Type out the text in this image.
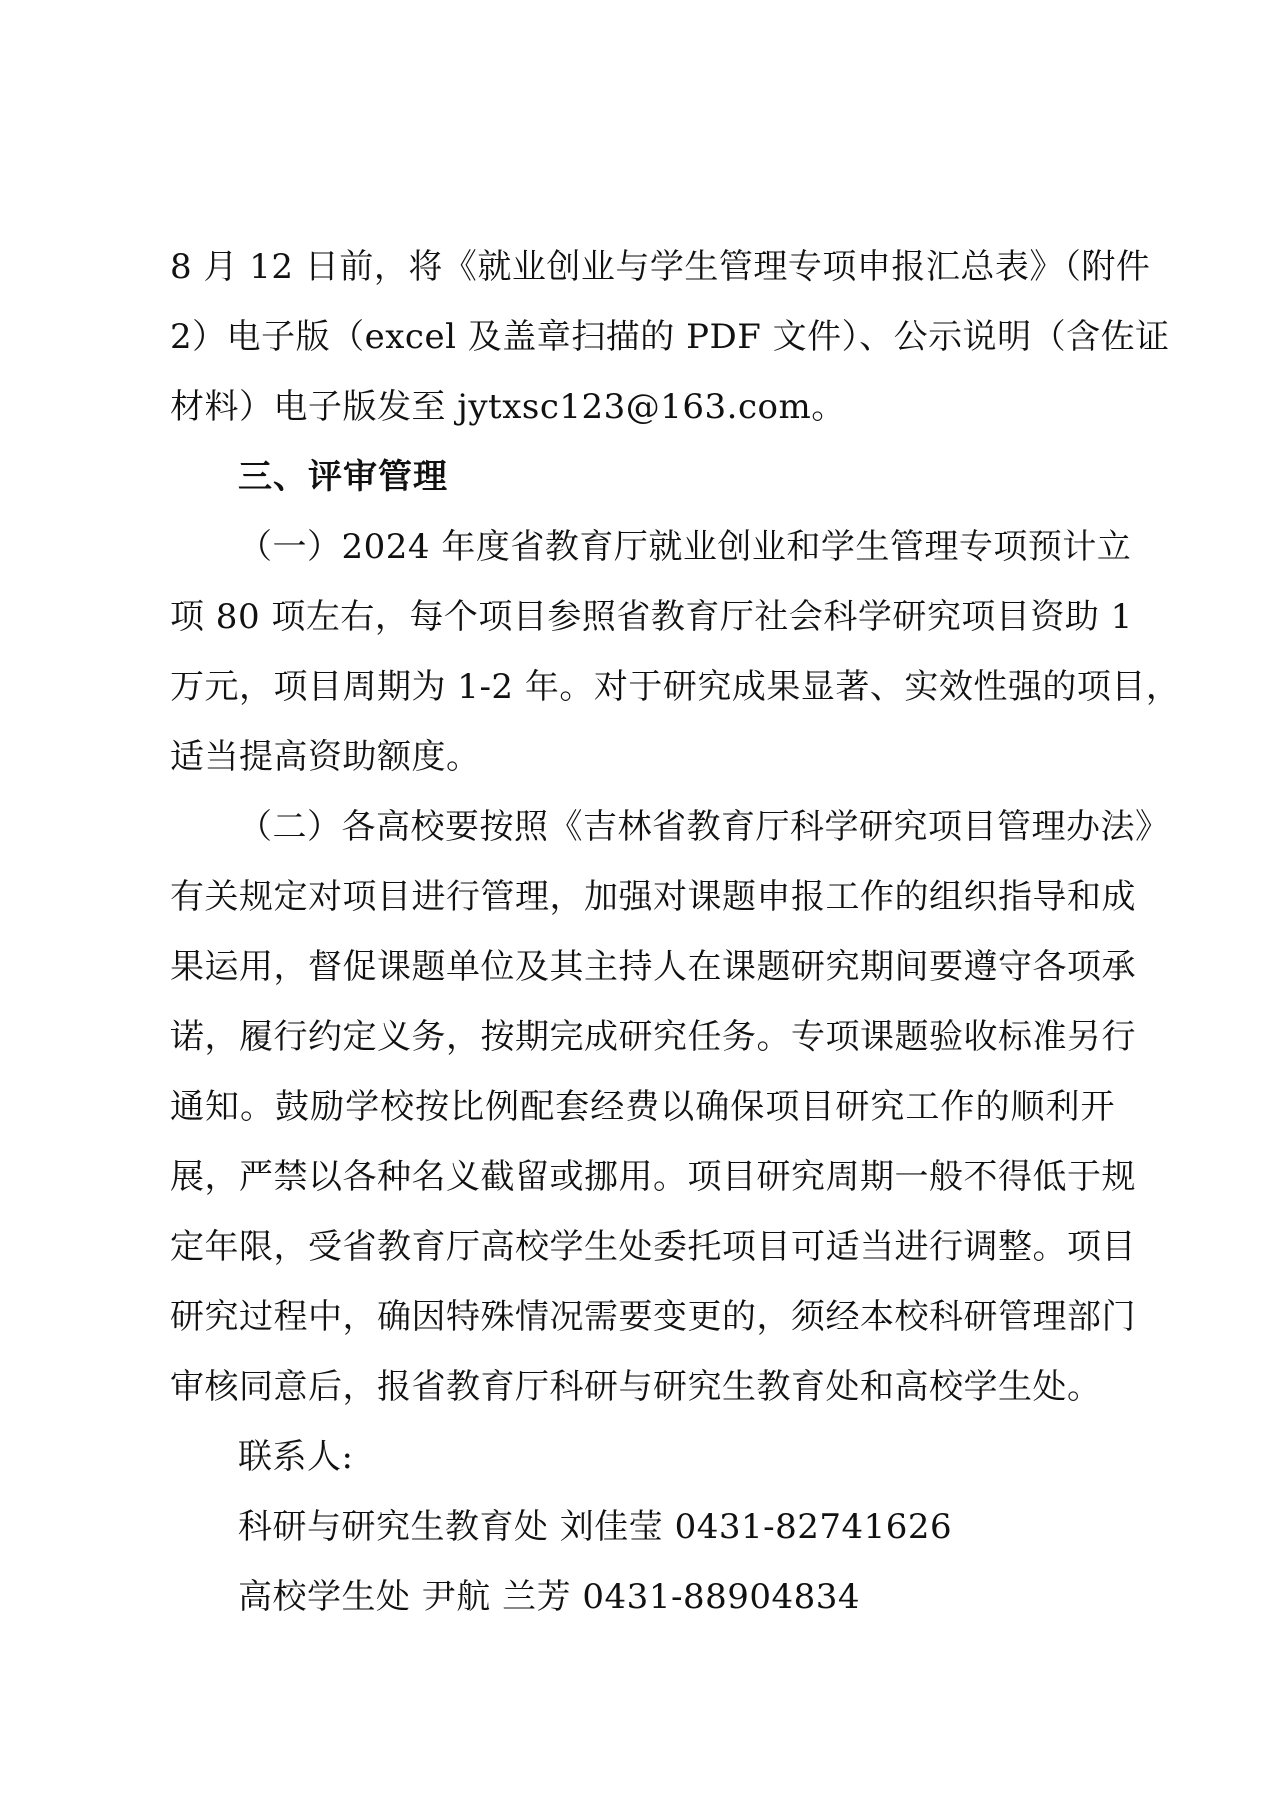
8 月 12 日前，将《就业创业与学生管理专项申报汇总表》（附件
2）电子版（excel 及盖章扫描的 PDF 文件）、公示说明（含佐证
材料）电子版发至 jytxsc123@163.com。
三、评审管理
（一）2024 年度省教育厅就业创业和学生管理专项预计立
项 80 项左右，每个项目参照省教育厅社会科学研究项目资助 1
万元，项目周期为 1-2 年。对于研究成果显著、实效性强的项目，
适当提高资助额度。
（二）各高校要按照《吉林省教育厅科学研究项目管理办法》
有关规定对项目进行管理，加强对课题申报工作的组织指导和成
果运用，督促课题单位及其主持人在课题研究期间要遵守各项承
诺，履行约定义务，按期完成研究任务。专项课题验收标准另行
通知。鼓励学校按比例配套经费以确保项目研究工作的顺利开
展，严禁以各种名义截留或挪用。项目研究周期一般不得低于规
定年限，受省教育厅高校学生处委托项目可适当进行调整。项目
研究过程中，确因特殊情况需要变更的，须经本校科研管理部门
审核同意后，报省教育厅科研与研究生教育处和高校学生处。
联系人:
科研与研究生教育处 刘佳莹 0431-82741626
高校学生处 尹航 兰芳 0431-88904834
